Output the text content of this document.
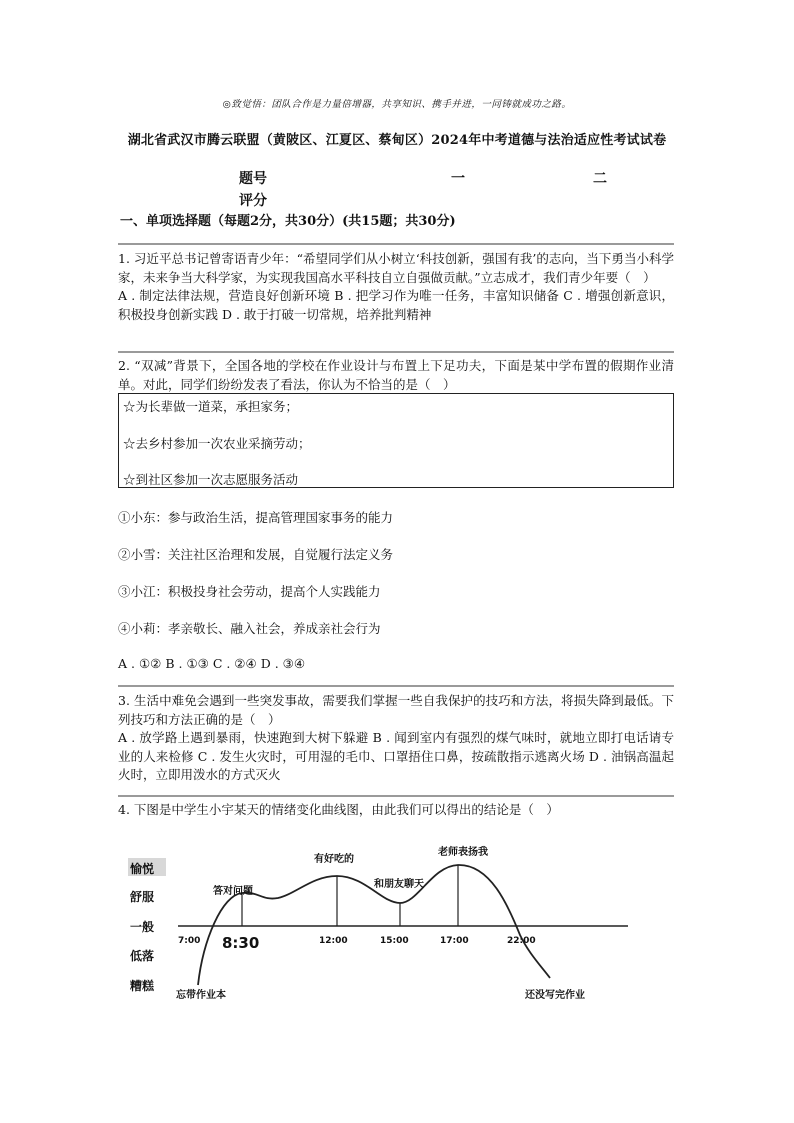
◎致觉悟：团队合作是力量倍增器，共享知识、携手并进，一同铸就成功之路。
湖北省武汉市腾云联盟（黄陂区、江夏区、蔡甸区）2024年中考道德与法治适应性考试试卷
题号	一	二
评分
一、单项选择题（每题2分，共30分）(共15题；共30分)
1. 习近平总书记曾寄语青少年：“希望同学们从小树立‘科技创新，强国有我’的志向，当下勇当小科学家，未来争当大科学家，为实现我国高水平科技自立自强做贡献。”立志成才，我们青少年要（　）
A . 制定法律法规，营造良好创新环境 B . 把学习作为唯一任务，丰富知识储备 C . 增强创新意识，积极投身创新实践 D . 敢于打破一切常规，培养批判精神
2. “双减”背景下，全国各地的学校在作业设计与布置上下足功夫，下面是某中学布置的假期作业清单。对此，同学们纷纷发表了看法，你认为不恰当的是（　）
☆为长辈做一道菜，承担家务；
☆去乡村参加一次农业采摘劳动；
☆到社区参加一次志愿服务活动
①小东：参与政治生活，提高管理国家事务的能力
②小雪：关注社区治理和发展，自觉履行法定义务
③小江：积极投身社会劳动，提高个人实践能力
④小莉：孝亲敬长、融入社会，养成亲社会行为
A . ①② B . ①③ C . ②④ D . ③④
3. 生活中难免会遇到一些突发事故，需要我们掌握一些自我保护的技巧和方法，将损失降到最低。下列技巧和方法正确的是（　）
A . 放学路上遇到暴雨，快速跑到大树下躲避 B . 闻到室内有强烈的煤气味时，就地立即打电话请专业的人来检修 C . 发生火灾时，可用湿的毛巾、口罩捂住口鼻，按疏散指示逃离火场 D . 油锅高温起火时，立即用泼水的方式灭火
4. 下图是中学生小宇某天的情绪变化曲线图，由此我们可以得出的结论是（　）
愉悦
舒服
一般
低落
糟糕
7:00 8:30	12:00	15:00	17:00	22:00
忘带作业本
答对问题
有好吃的
和朋友聊天
老师表扬我
还没写完作业
